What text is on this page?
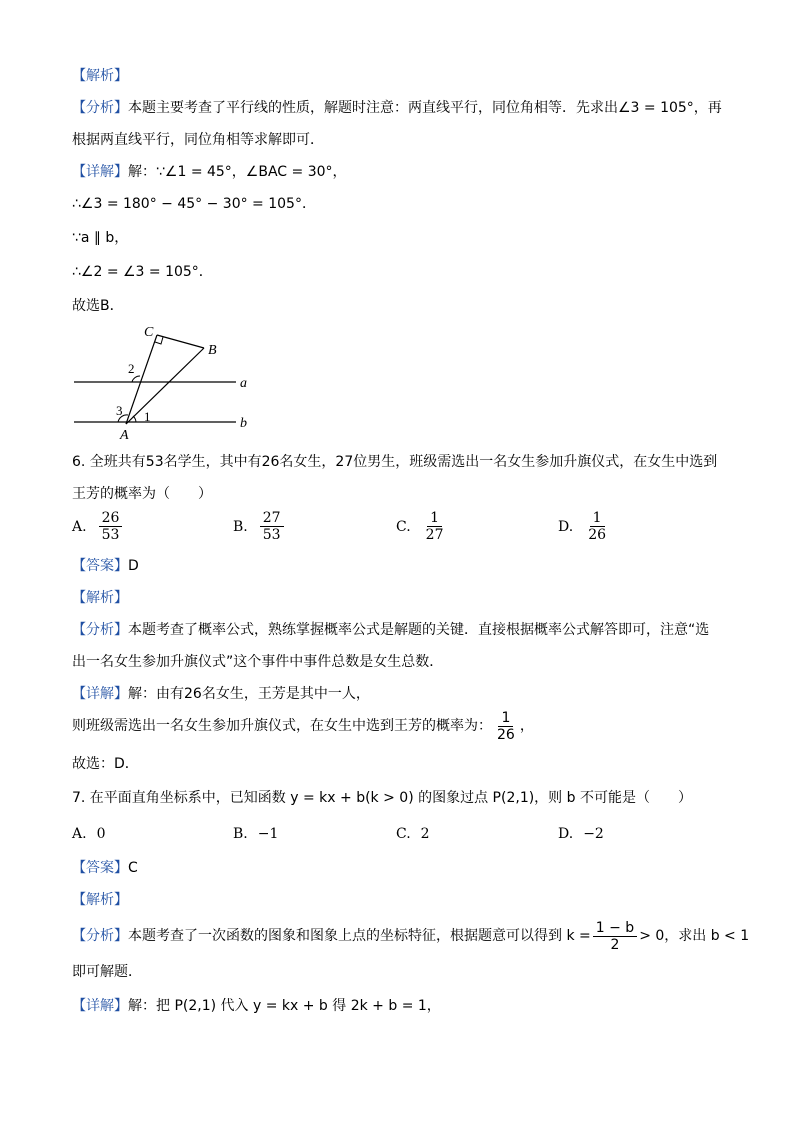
【解析】
【分析】本题主要考查了平行线的性质，解题时注意：两直线平行，同位角相等．先求出∠3 = 105°，再
根据两直线平行，同位角相等求解即可．
【详解】解：∵∠1 = 45°，∠BAC = 30°，
∴∠3 = 180° − 45° − 30° = 105°．
∵a ∥ b，
∴∠2 = ∠3 = 105°．
故选B．
C
B
A
a
b
1
2
3
6. 全班共有53名学生，其中有26名女生，27位男生，班级需选出一名女生参加升旗仪式，在女生中选到
王芳的概率为（　　）
A. $\frac{26}{53}$	B. $\frac{27}{53}$	C. $\frac{1}{27}$	D. $\frac{1}{26}$
【答案】D
【解析】
【分析】本题考查了概率公式，熟练掌握概率公式是解题的关键．直接根据概率公式解答即可，注意“选
出一名女生参加升旗仪式”这个事件中事件总数是女生总数．
【详解】解：由有26名女生，王芳是其中一人，
则班级需选出一名女生参加升旗仪式，在女生中选到王芳的概率为： $\frac{1}{26}$ ，
故选：D．
7. 在平面直角坐标系中，已知函数 y = kx + b(k > 0) 的图象过点 P(2,1)，则 b 不可能是（　　）
A. 0	B. −1	C. 2	D. −2
【答案】C
【解析】
【分析】本题考查了一次函数的图象和图象上点的坐标特征，根据题意可以得到 $k = \frac{1 - b}{2} > 0$，求出 b < 1
即可解题．
【详解】解：把 P(2,1) 代入 y = kx + b 得 2k + b = 1，
